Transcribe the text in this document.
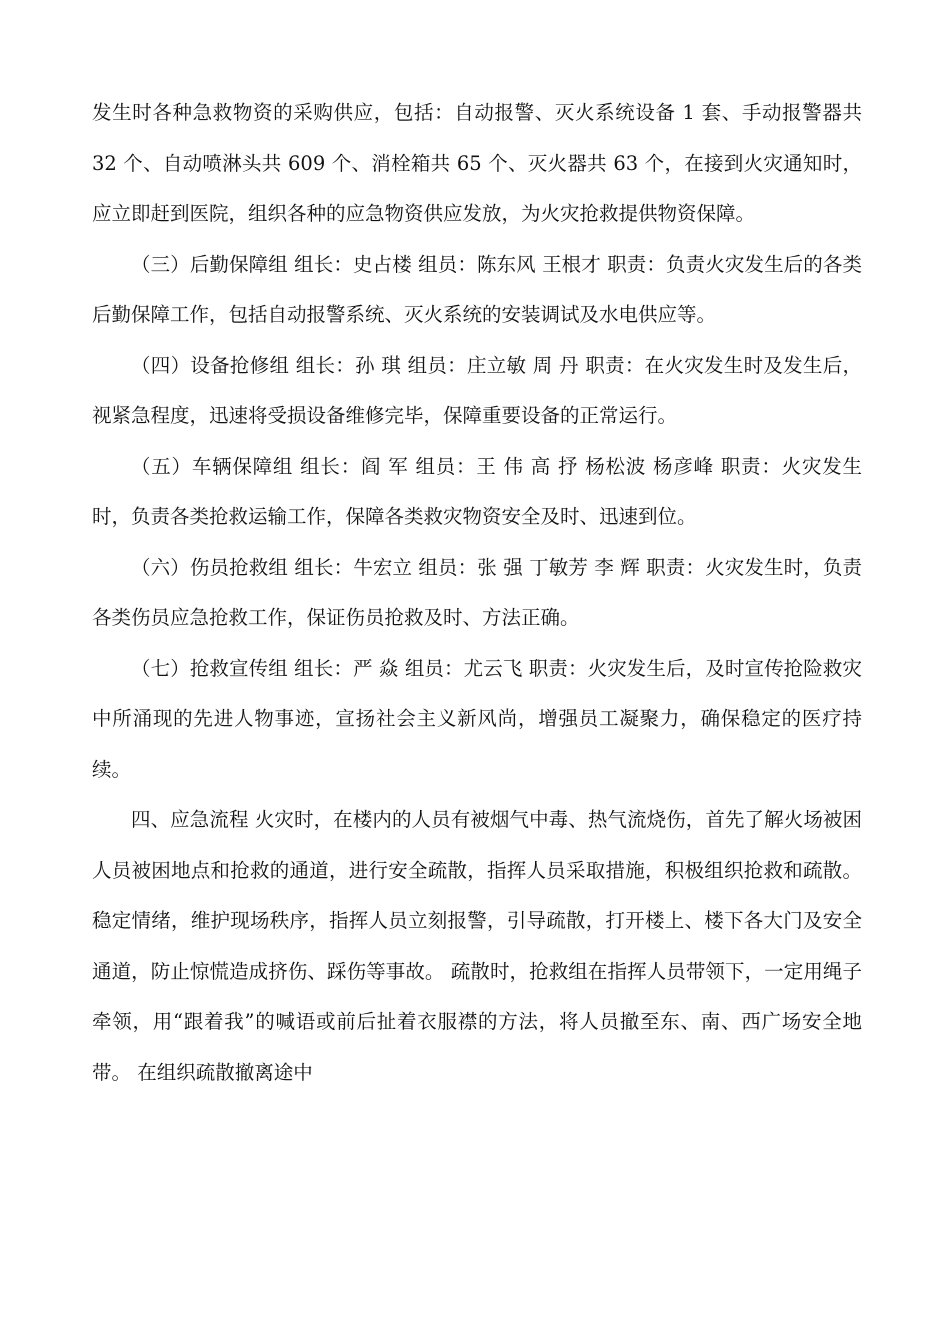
发生时各种急救物资的采购供应，包括：自动报警、灭火系统设备 1 套、手动报警器共 32 个、自动喷淋头共 609 个、消栓箱共 65 个、灭火器共 63 个，在接到火灾通知时，应立即赶到医院，组织各种的应急物资供应发放，为火灾抢救提供物资保障。

（三）后勤保障组 组长：史占楼 组员：陈东风 王根才 职责：负责火灾发生后的各类后勤保障工作，包括自动报警系统、灭火系统的安装调试及水电供应等。

（四）设备抢修组 组长：孙 琪 组员：庄立敏 周 丹 职责：在火灾发生时及发生后，视紧急程度，迅速将受损设备维修完毕，保障重要设备的正常运行。

（五）车辆保障组 组长：阎 军 组员：王 伟 高 抒 杨松波 杨彦峰 职责：火灾发生时，负责各类抢救运输工作，保障各类救灾物资安全及时、迅速到位。

（六）伤员抢救组 组长：牛宏立 组员：张 强 丁敏芳 李 辉 职责：火灾发生时，负责各类伤员应急抢救工作，保证伤员抢救及时、方法正确。

（七）抢救宣传组 组长：严 焱 组员：尤云飞 职责：火灾发生后，及时宣传抢险救灾中所涌现的先进人物事迹，宣扬社会主义新风尚，增强员工凝聚力，确保稳定的医疗持续。

四、应急流程 火灾时，在楼内的人员有被烟气中毒、热气流烧伤，首先了解火场被困人员被困地点和抢救的通道，进行安全疏散，指挥人员采取措施，积极组织抢救和疏散。 稳定情绪，维护现场秩序，指挥人员立刻报警，引导疏散，打开楼上、楼下各大门及安全通道，防止惊慌造成挤伤、踩伤等事故。 疏散时，抢救组在指挥人员带领下，一定用绳子牵领，用“跟着我”的喊语或前后扯着衣服襟的方法，将人员撤至东、南、西广场安全地带。 在组织疏散撤离途中
